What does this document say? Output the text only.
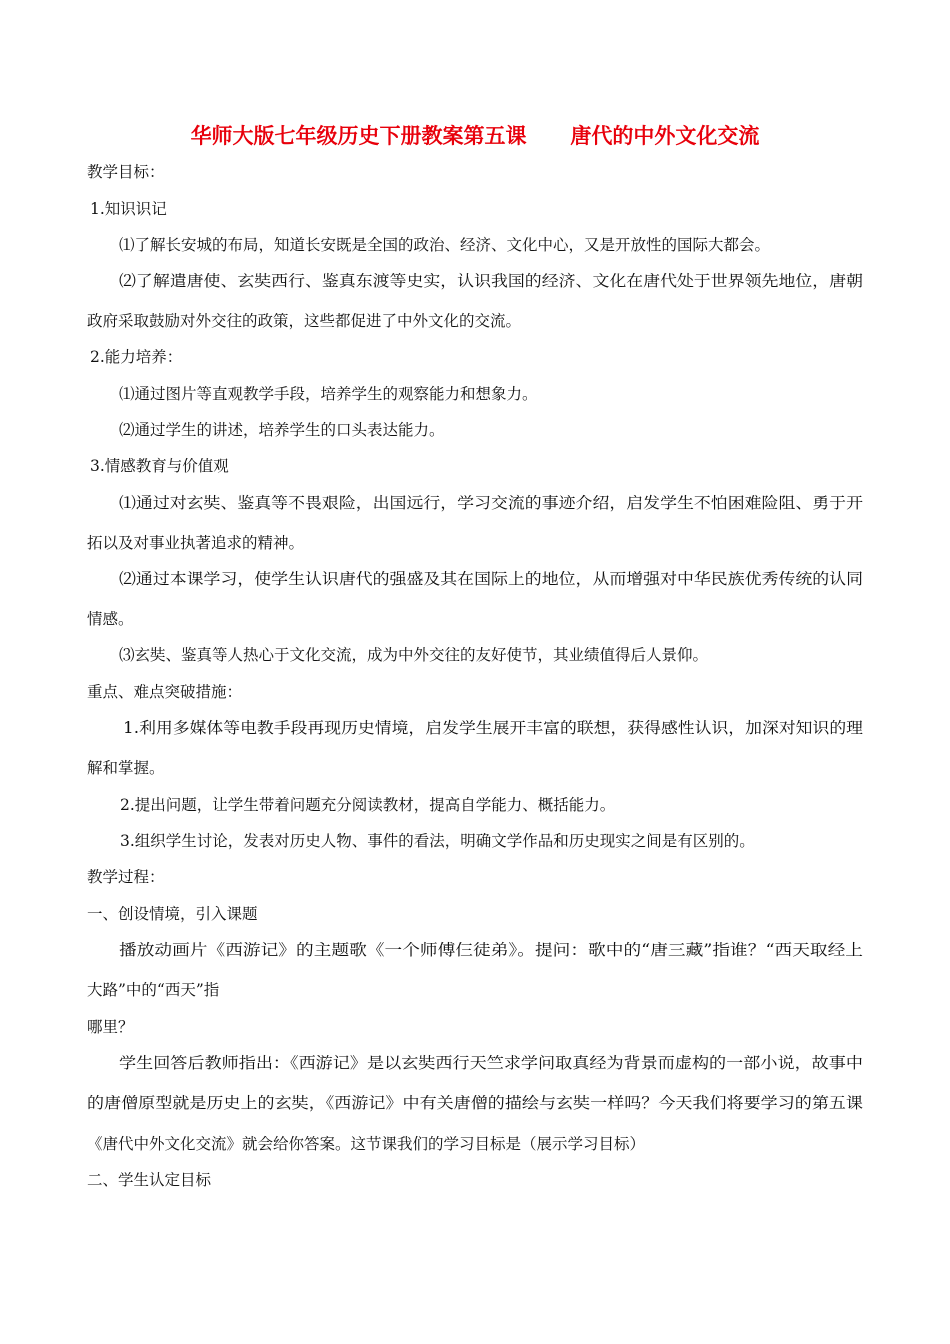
华师大版七年级历史下册教案第五课      唐代的中外文化交流
教学目标：
1.知识识记
⑴了解长安城的布局，知道长安既是全国的政治、经济、文化中心，又是开放性的国际大都会。
⑵了解遣唐使、玄奘西行、鉴真东渡等史实，认识我国的经济、文化在唐代处于世界领先地位，唐朝
政府采取鼓励对外交往的政策，这些都促进了中外文化的交流。
2.能力培养：
⑴通过图片等直观教学手段，培养学生的观察能力和想象力。
⑵通过学生的讲述，培养学生的口头表达能力。
3.情感教育与价值观
⑴通过对玄奘、鉴真等不畏艰险，出国远行，学习交流的事迹介绍，启发学生不怕困难险阻、勇于开
拓以及对事业执著追求的精神。
⑵通过本课学习，使学生认识唐代的强盛及其在国际上的地位，从而增强对中华民族优秀传统的认同
情感。
⑶玄奘、鉴真等人热心于文化交流，成为中外交往的友好使节，其业绩值得后人景仰。
重点、难点突破措施：
1.利用多媒体等电教手段再现历史情境，启发学生展开丰富的联想，获得感性认识，加深对知识的理
解和掌握。
2.提出问题，让学生带着问题充分阅读教材，提高自学能力、概括能力。
3.组织学生讨论，发表对历史人物、事件的看法，明确文学作品和历史现实之间是有区别的。
教学过程：
一、创设情境，引入课题
播放动画片《西游记》的主题歌《一个师傅仨徒弟》。提问：歌中的“唐三藏”指谁？“西天取经上
大路”中的“西天”指
哪里？
学生回答后教师指出：《西游记》是以玄奘西行天竺求学问取真经为背景而虚构的一部小说，故事中
的唐僧原型就是历史上的玄奘，《西游记》中有关唐僧的描绘与玄奘一样吗？今天我们将要学习的第五课
《唐代中外文化交流》就会给你答案。这节课我们的学习目标是（展示学习目标）
二、学生认定目标
